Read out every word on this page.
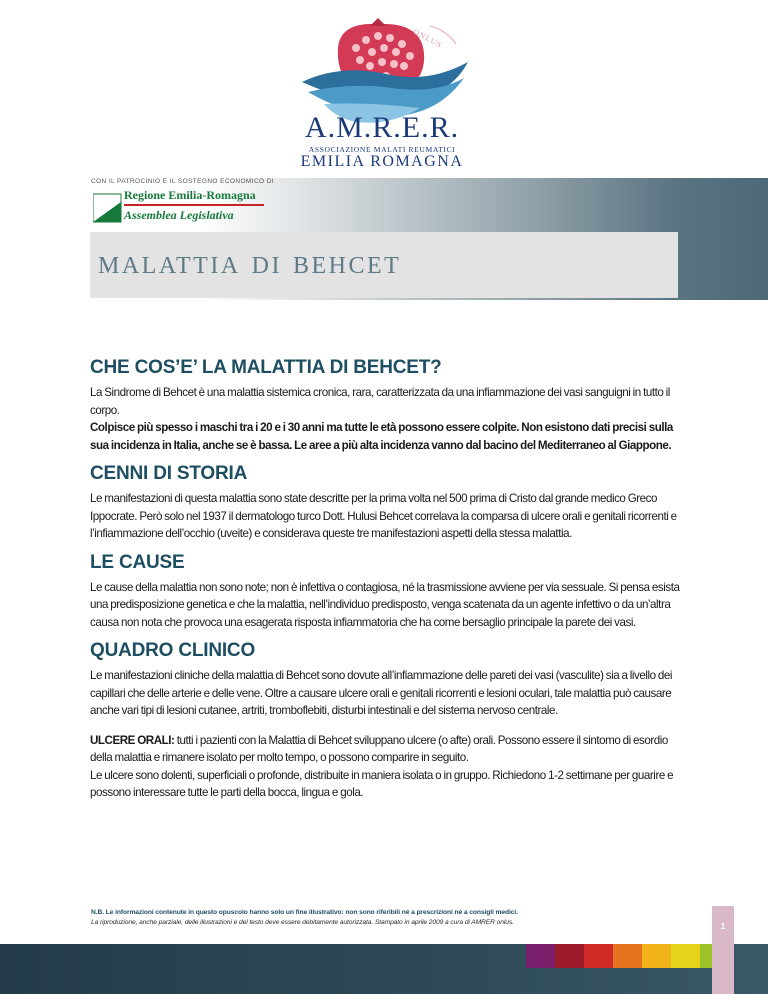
ONLUS
A.M.R.E.R.
ASSOCIAZIONE MALATI REUMATICI
EMILIA ROMAGNA
CON IL PATROCINIO E IL SOSTEGNO ECONOMICO DI

Regione Emilia-Romagna

Assemblea Legislativa

malattia di behcet
CHE COS’E’ LA MALATTIA DI BEHCET?

La Sindrome di Behcet è una malattia sistemica cronica, rara, caratterizzata da una infiammazione dei vasi sanguigni in tutto il corpo.

Colpisce più spesso i maschi tra i 20 e i 30 anni ma tutte le età possono essere colpite. Non esistono dati precisi sulla sua incidenza in Italia, anche se è bassa. Le aree a più alta incidenza vanno dal bacino del Mediterraneo al Giappone.

CENNI DI STORIA

Le manifestazioni di questa malattia sono state descritte per la prima volta nel 500 prima di Cristo dal grande medico Greco Ippocrate. Però solo nel 1937 il dermatologo turco Dott. Hulusi Behcet correlava la comparsa di ulcere orali e genitali ricorrenti e l’infiammazione dell’occhio (uveite) e considerava queste tre manifestazioni aspetti della stessa malattia.

LE CAUSE

Le cause della malattia non sono note; non è infettiva o contagiosa, né la trasmissione avviene per via sessuale. Si pensa esista una predisposizione genetica e che la malattia, nell’individuo predisposto, venga scatenata da un agente infettivo o da un’altra causa non nota che provoca una esagerata risposta infiammatoria che ha come bersaglio principale la parete dei vasi.

QUADRO CLINICO

Le manifestazioni cliniche della malattia di Behcet sono dovute all’infiammazione delle pareti dei vasi (vasculite) sia a livello dei capillari che delle arterie e delle vene. Oltre a causare ulcere orali e genitali ricorrenti e lesioni oculari, tale malattia può causare anche vari tipi di lesioni cutanee, artriti, tromboflebiti, disturbi intestinali e del sistema nervoso centrale.

ULCERE ORALI: tutti i pazienti con la Malattia di Behcet sviluppano ulcere (o afte) orali. Possono essere il sintomo di esordio della malattia e rimanere isolato per molto tempo, o possono comparire in seguito.

Le ulcere sono dolenti, superficiali o profonde, distribuite in maniera isolata o in gruppo. Richiedono 1-2 settimane per guarire e possono interessare tutte le parti della bocca, lingua e gola.

N.B. Le informazioni contenute in questo opuscolo hanno solo un fine illustrativo: non sono riferibili né a prescrizioni né a consigli medici.
La riproduzione, anche parziale, delle illustrazioni e del testo deve essere debitamente autorizzata. Stampato in aprile 2009 a cura di AMRER onlus.	1
